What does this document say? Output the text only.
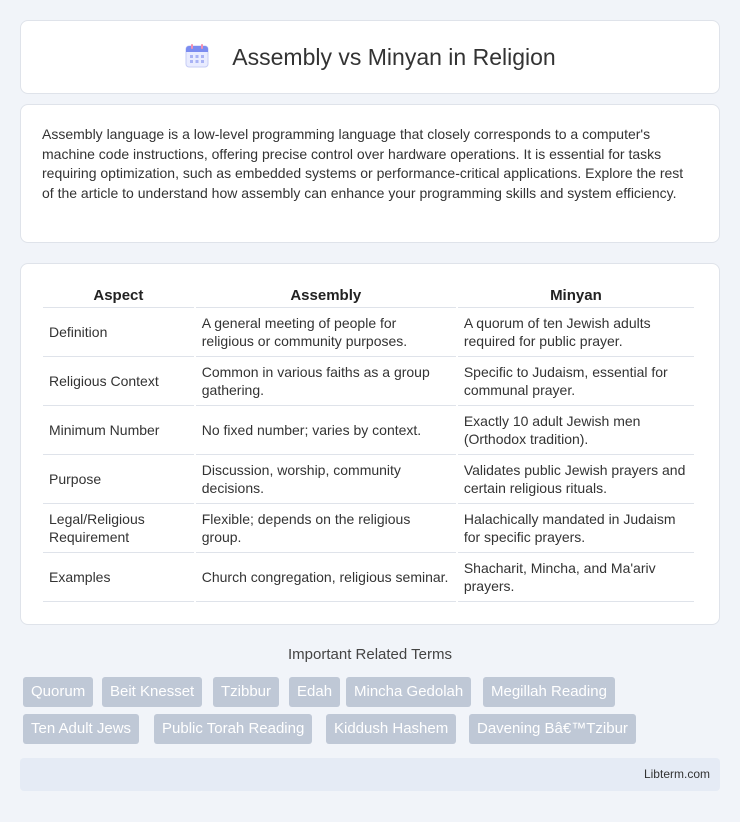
Assembly vs Minyan in Religion

Assembly language is a low-level programming language that closely corresponds to a computer's machine code instructions, offering precise control over hardware operations. It is essential for tasks requiring optimization, such as embedded systems or performance-critical applications. Explore the rest of the article to understand how assembly can enhance your programming skills and system efficiency.

Aspect	Assembly	Minyan
Definition	A general meeting of people for religious or community purposes.	A quorum of ten Jewish adults required for public prayer.
Religious Context	Common in various faiths as a group gathering.	Specific to Judaism, essential for communal prayer.
Minimum Number	No fixed number; varies by context.	Exactly 10 adult Jewish men (Orthodox tradition).
Purpose	Discussion, worship, community decisions.	Validates public Jewish prayers and certain religious rituals.
Legal/Religious Requirement	Flexible; depends on the religious group.	Halachically mandated in Judaism for specific prayers.
Examples	Church congregation, religious seminar.	Shacharit, Mincha, and Ma'ariv prayers.
Important Related Terms
Quorum	Beit Knesset	Tzibbur	Edah	Mincha Gedolah	Megillah Reading
Ten Adult Jews	Public Torah Reading	Kiddush Hashem	Davening Bâ€™Tzibur
Libterm.com
